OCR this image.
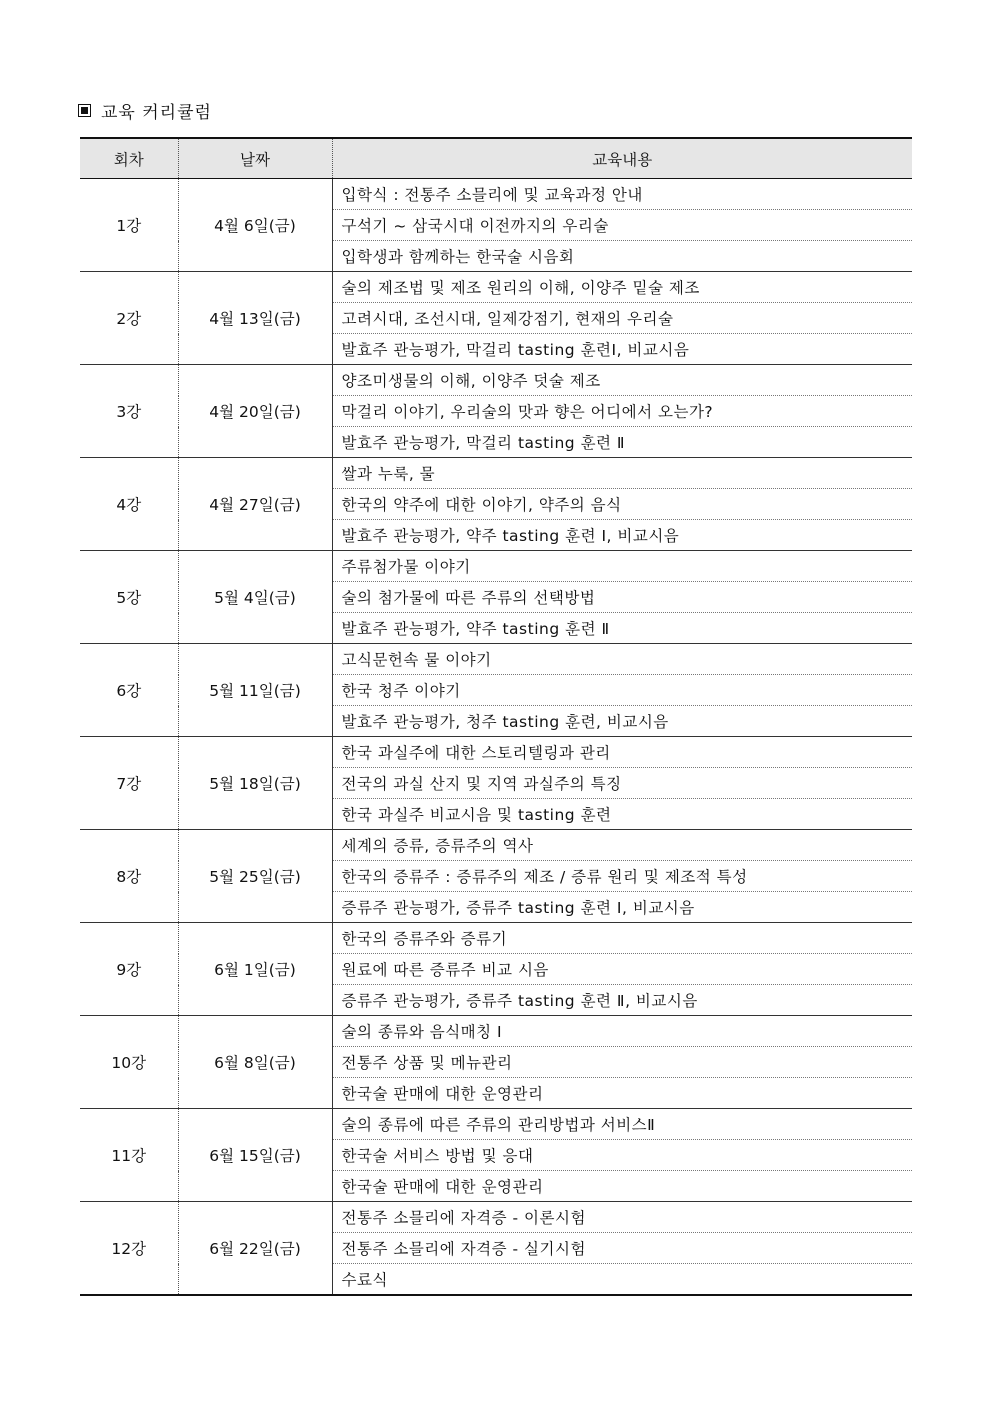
교육 커리큘럼
회차	날짜	교육내용
1강	4월 6일(금)	입학식 : 전통주 소믈리에 및 교육과정 안내
		구석기 ~ 삼국시대 이전까지의 우리술
		입학생과 함께하는 한국술 시음회
2강	4월 13일(금)	술의 제조법 및 제조 원리의 이해, 이양주 밑술 제조
		고려시대, 조선시대, 일제강점기, 현재의 우리술
		발효주 관능평가, 막걸리 tasting 훈련Ⅰ, 비교시음
3강	4월 20일(금)	양조미생물의 이해, 이양주 덧술 제조
		막걸리 이야기, 우리술의 맛과 향은 어디에서 오는가?
		발효주 관능평가, 막걸리 tasting 훈련 Ⅱ
4강	4월 27일(금)	쌀과 누룩, 물
		한국의 약주에 대한 이야기, 약주의 음식
		발효주 관능평가, 약주 tasting 훈련 Ⅰ, 비교시음
5강	5월 4일(금)	주류첨가물 이야기
		술의 첨가물에 따른 주류의 선택방법
		발효주 관능평가, 약주 tasting 훈련 Ⅱ
6강	5월 11일(금)	고식문헌속 물 이야기
		한국 청주 이야기
		발효주 관능평가, 청주 tasting 훈련, 비교시음
7강	5월 18일(금)	한국 과실주에 대한 스토리텔링과 관리
		전국의 과실 산지 및 지역 과실주의 특징
		한국 과실주 비교시음 및 tasting 훈련
8강	5월 25일(금)	세계의 증류, 증류주의 역사
		한국의 증류주 : 증류주의 제조 / 증류 원리 및 제조적 특성
		증류주 관능평가, 증류주 tasting 훈련 Ⅰ, 비교시음
9강	6월 1일(금)	한국의 증류주와 증류기
		원료에 따른 증류주 비교 시음
		증류주 관능평가, 증류주 tasting 훈련 Ⅱ, 비교시음
10강	6월 8일(금)	술의 종류와 음식매칭 Ⅰ
		전통주 상품 및 메뉴관리
		한국술 판매에 대한 운영관리
11강	6월 15일(금)	술의 종류에 따른 주류의 관리방법과 서비스Ⅱ
		한국술 서비스 방법 및 응대
		한국술 판매에 대한 운영관리
12강	6월 22일(금)	전통주 소믈리에 자격증 - 이론시험
		전통주 소믈리에 자격증 - 실기시험
		수료식
